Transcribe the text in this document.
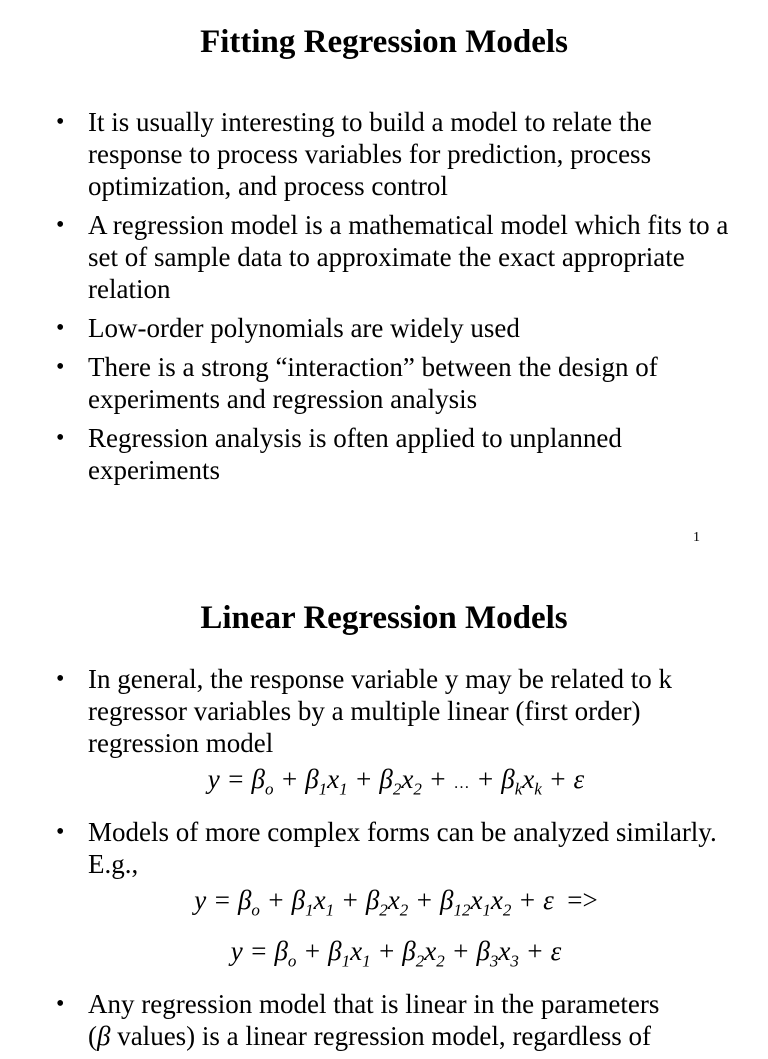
Fitting Regression Models
• It is usually interesting to build a model to relate the response to process variables for prediction, process optimization, and process control
• A regression model is a mathematical model which fits to a set of sample data to approximate the exact appropriate relation
• Low-order polynomials are widely used
• There is a strong “interaction” between the design of experiments and regression analysis
• Regression analysis is often applied to unplanned experiments
1
Linear Regression Models
• In general, the response variable y may be related to k regressor variables by a multiple linear (first order) regression model
$y = \beta_o + \beta_1x_1 + \beta_2x_2$ + … + $\beta_kx_k + \varepsilon$
• Models of more complex forms can be analyzed similarly. E.g.,
$y = \beta_o + \beta_1x_1 + \beta_2x_2 + \beta_{12}x_1x_2 + \varepsilon$ =>
$y = \beta_o + \beta_1x_1 + \beta_2x_2 + \beta_3x_3 + \varepsilon$
• Any regression model that is linear in the parameters
(β values) is a linear regression model, regardless of
